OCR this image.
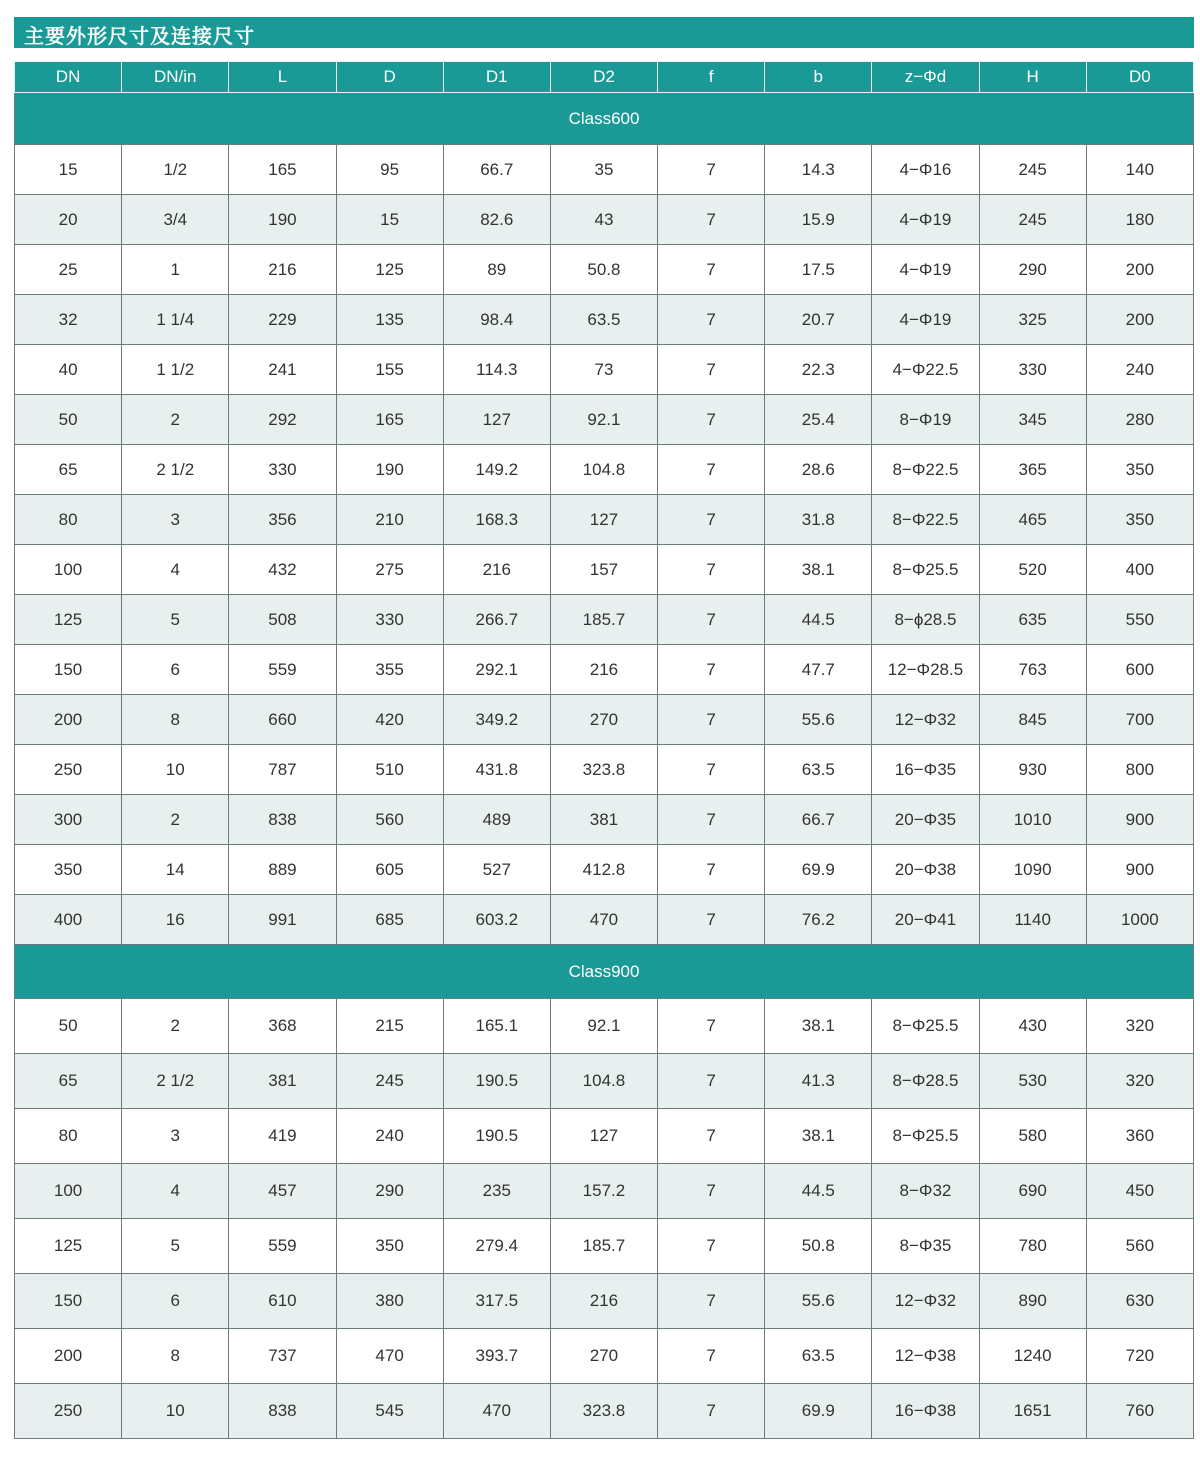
主要外形尺寸及连接尺寸
DN	DN/in	L	D	D1	D2	f	b	z−Φd	H	D0
Class600										
15	1/2	165	95	66.7	35	7	14.3	4−Φ16	245	140
20	3/4	190	15	82.6	43	7	15.9	4−Φ19	245	180
25	1	216	125	89	50.8	7	17.5	4−Φ19	290	200
32	1 1/4	229	135	98.4	63.5	7	20.7	4−Φ19	325	200
40	1 1/2	241	155	114.3	73	7	22.3	4−Φ22.5	330	240
50	2	292	165	127	92.1	7	25.4	8−Φ19	345	280
65	2 1/2	330	190	149.2	104.8	7	28.6	8−Φ22.5	365	350
80	3	356	210	168.3	127	7	31.8	8−Φ22.5	465	350
100	4	432	275	216	157	7	38.1	8−Φ25.5	520	400
125	5	508	330	266.7	185.7	7	44.5	8−ϕ28.5	635	550
150	6	559	355	292.1	216	7	47.7	12−Φ28.5	763	600
200	8	660	420	349.2	270	7	55.6	12−Φ32	845	700
250	10	787	510	431.8	323.8	7	63.5	16−Φ35	930	800
300	2	838	560	489	381	7	66.7	20−Φ35	1010	900
350	14	889	605	527	412.8	7	69.9	20−Φ38	1090	900
400	16	991	685	603.2	470	7	76.2	20−Φ41	1140	1000
Class900										
50	2	368	215	165.1	92.1	7	38.1	8−Φ25.5	430	320
65	2 1/2	381	245	190.5	104.8	7	41.3	8−Φ28.5	530	320
80	3	419	240	190.5	127	7	38.1	8−Φ25.5	580	360
100	4	457	290	235	157.2	7	44.5	8−Φ32	690	450
125	5	559	350	279.4	185.7	7	50.8	8−Φ35	780	560
150	6	610	380	317.5	216	7	55.6	12−Φ32	890	630
200	8	737	470	393.7	270	7	63.5	12−Φ38	1240	720
250	10	838	545	470	323.8	7	69.9	16−Φ38	1651	760
